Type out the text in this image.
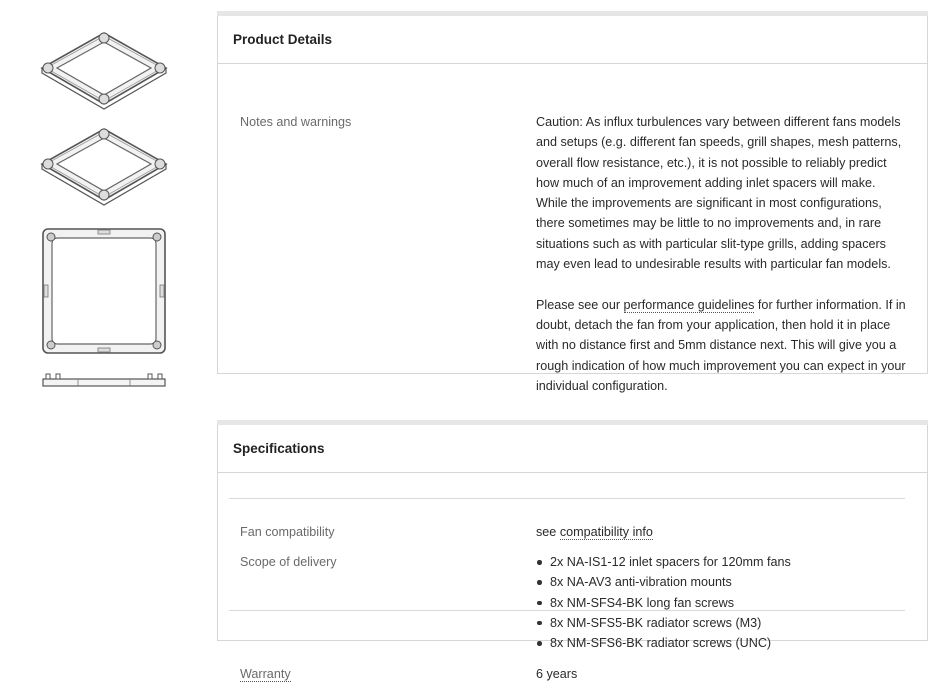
Product Details
Notes and warnings	Caution: As influx turbulences vary between different fans models and setups (e.g. different fan speeds, grill shapes, mesh patterns, overall flow resistance, etc.), it is not possible to reliably predict how much of an improvement adding inlet spacers will make. While the improvements are significant in most configurations, there sometimes may be little to no improvements and, in rare situations such as with particular slit-type grills, adding spacers may even lead to undesirable results with particular fan models.

Please see our performance guidelines for further information. If in doubt, detach the fan from your application, then hold it in place with no distance first and 5mm distance next. This will give you a rough indication of how much improvement you can expect in your individual configuration.

Specifications
Fan compatibility	see compatibility info
Scope of delivery	2x NA-IS1-12 inlet spacers for 120mm fans
8x NA-AV3 anti-vibration mounts
8x NM-SFS4-BK long fan screws
8x NM-SFS5-BK radiator screws (M3)
8x NM-SFS6-BK radiator screws (UNC)
Warranty	6 years
